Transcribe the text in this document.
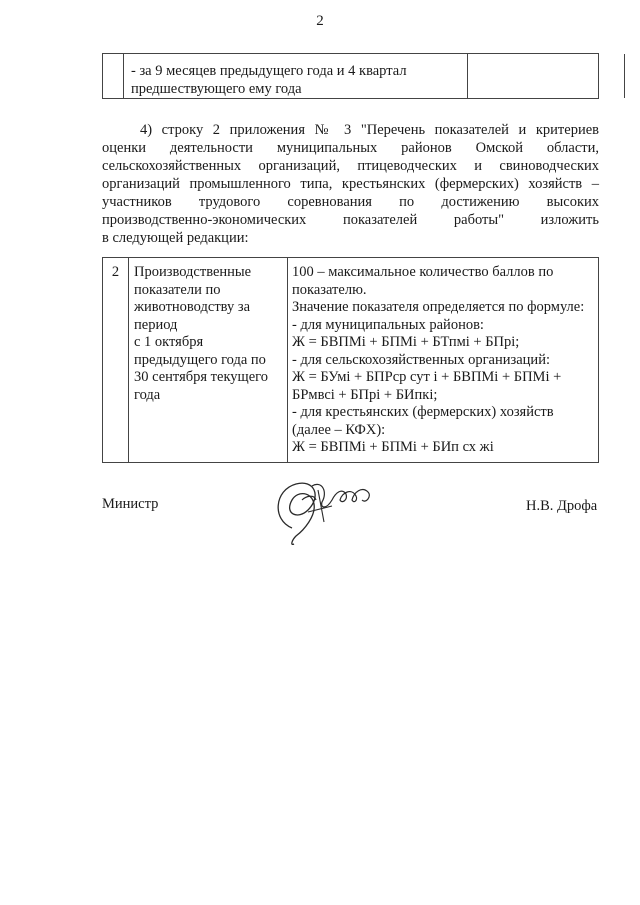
2
- за 9 месяцев предыдущего года и 4 квартал
предшествующего ему года
4) строку 2 приложения № 3 "Перечень показателей и критериев
оценки деятельности муниципальных районов Омской области,
сельскохозяйственных организаций, птицеводческих и свиноводческих
организаций промышленного типа, крестьянских (фермерских) хозяйств –
участников трудового соревнования по достижению высоких
производственно-экономических показателей работы" изложить
в следующей редакции:
2	Производственные
показатели по
животноводству за
период
с 1 октября
предыдущего года по
30 сентября текущего
года
100 – максимальное количество баллов по
показателю.
Значение показателя определяется по формуле:
- для муниципальных районов:
Ж = БВПМі + БПМі + БТпмі + БПрі;
- для сельскохозяйственных организаций:
Ж = БУмі + БПРср сут і + БВПМі + БПМі +
БРмвсі + БПрі + БИпкі;
- для крестьянских (фермерских) хозяйств
(далее – КФХ):
Ж = БВПМі + БПМі + БИп сх жі
Министр	Н.В. Дрофа
